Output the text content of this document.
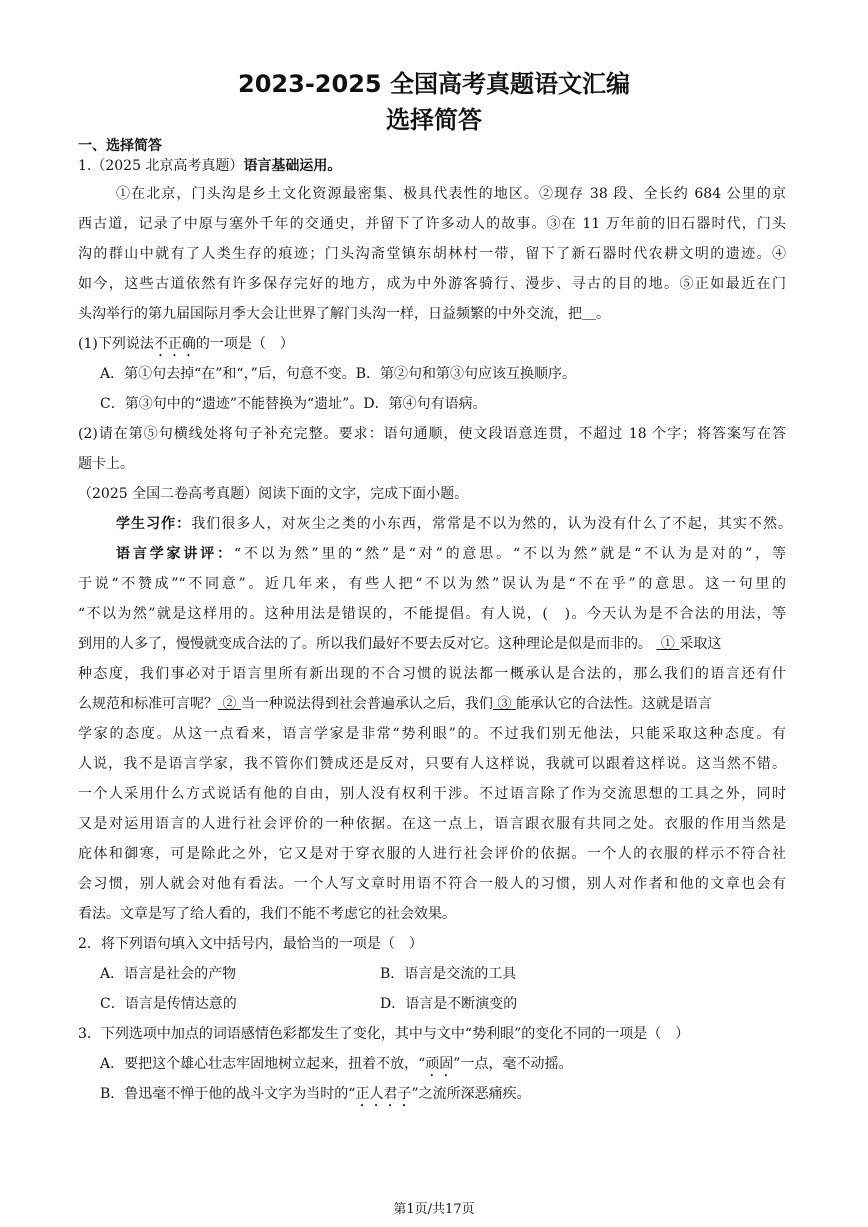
2023-2025 全国高考真题语文汇编
选择简答
一、选择简答
1.（2025 北京高考真题）语言基础运用。
①在北京，门头沟是乡土文化资源最密集、极具代表性的地区。②现存 38 段、全长约 684 公里的京
西古道，记录了中原与塞外千年的交通史，并留下了许多动人的故事。③在 11 万年前的旧石器时代，门头
沟的群山中就有了人类生存的痕迹；门头沟斋堂镇东胡林村一带，留下了新石器时代农耕文明的遗迹。④
如今，这些古道依然有许多保存完好的地方，成为中外游客骑行、漫步、寻古的目的地。⑤正如最近在门
头沟举行的第九届国际月季大会让世界了解门头沟一样，日益频繁的中外交流，把＿。
(1)下列说法不正确的一项是（　）
A．第①句去掉“在”和“，”后，句意不变。B．第②句和第③句应该互换顺序。
C．第③句中的“遗迹”不能替换为“遗址”。D．第④句有语病。
(2)请在第⑤句横线处将句子补充完整。要求：语句通顺，使文段语意连贯，不超过 18 个字；将答案写在答
题卡上。
（2025 全国二卷高考真题）阅读下面的文字，完成下面小题。
学生习作：我们很多人，对灰尘之类的小东西，常常是不以为然的，认为没有什么了不起，其实不然。
语言学家讲评：“不以为然”里的“然”是“对”的意思。“不以为然”就是“不认为是对的”，等
于说“不赞成”“不同意”。近几年来，有些人把“不以为然”误认为是“不在乎”的意思。这一句里的
“不以为然”就是这样用的。这种用法是错误的，不能提倡。有人说，(　)。今天认为是不合法的用法，等
到用的人多了，慢慢就变成合法的了。所以我们最好不要去反对它。这种理论是似是而非的。 ① 采取这
种态度，我们事必对于语言里所有新出现的不合习惯的说法都一概承认是合法的，那么我们的语言还有什
么规范和标准可言呢？ ② 当一种说法得到社会普遍承认之后，我们 ③ 能承认它的合法性。这就是语言
学家的态度。从这一点看来，语言学家是非常“势利眼”的。不过我们别无他法，只能采取这种态度。有
人说，我不是语言学家，我不管你们赞成还是反对，只要有人这样说，我就可以跟着这样说。这当然不错。
一个人采用什么方式说话有他的自由，别人没有权利干涉。不过语言除了作为交流思想的工具之外，同时
又是对运用语言的人进行社会评价的一种依据。在这一点上，语言跟衣服有共同之处。衣服的作用当然是
庇体和御寒，可是除此之外，它又是对于穿衣服的人进行社会评价的依据。一个人的衣服的样示不符合社
会习惯，别人就会对他有看法。一个人写文章时用语不符合一般人的习惯，别人对作者和他的文章也会有
看法。文章是写了给人看的，我们不能不考虑它的社会效果。
2．将下列语句填入文中括号内，最恰当的一项是（　）
A．语言是社会的产物	B．语言是交流的工具
C．语言是传情达意的	D．语言是不断演变的
3．下列选项中加点的词语感情色彩都发生了变化，其中与文中“势利眼”的变化不同的一项是（　）
A．要把这个雄心壮志牢固地树立起来，扭着不放，“顽固”一点，毫不动摇。
B．鲁迅毫不惮于他的战斗文字为当时的“正人君子”之流所深恶痛疾。
第1页/共17页
